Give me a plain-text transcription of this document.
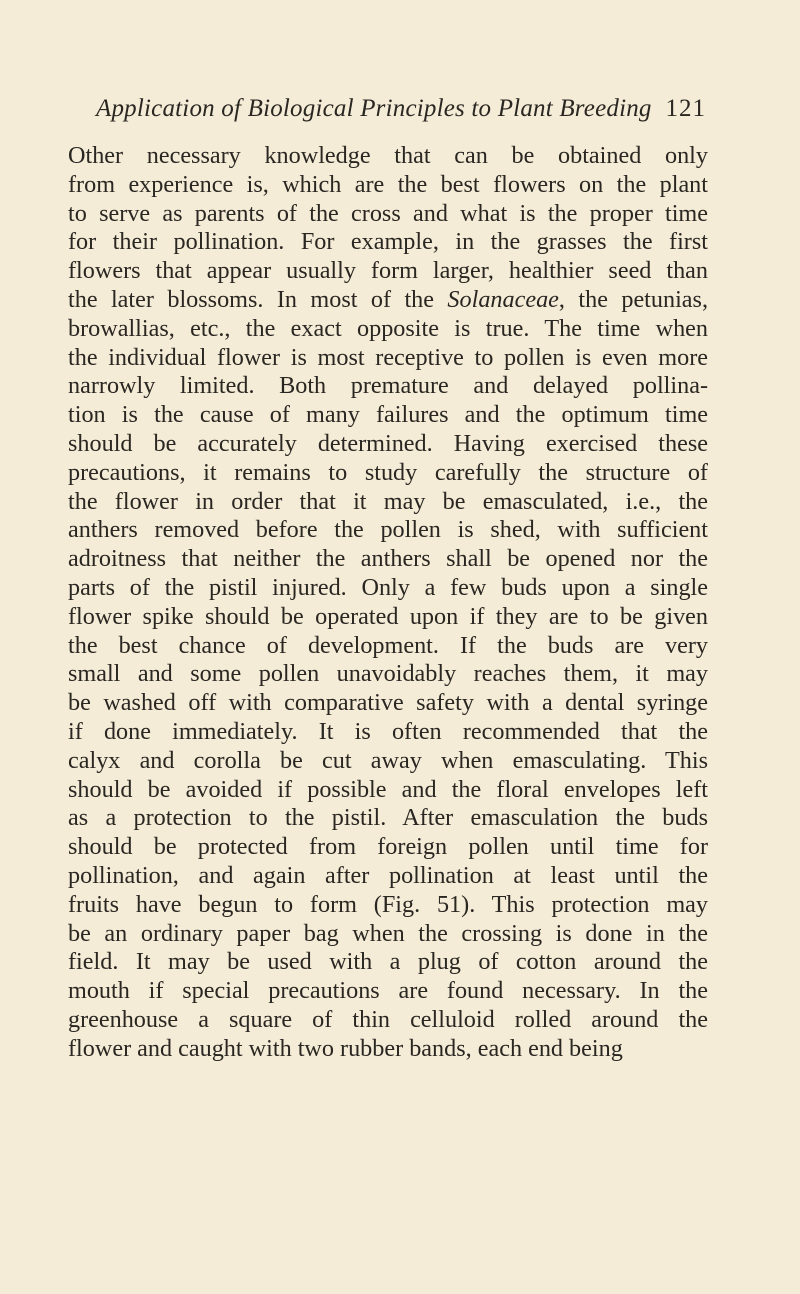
Application of Biological Principles to Plant Breeding 121
Other necessary knowledge that can be obtained only
from experience is, which are the best flowers on the plant
to serve as parents of the cross and what is the proper time
for their pollination. For example, in the grasses the first
flowers that appear usually form larger, healthier seed than
the later blossoms. In most of the Solanaceae, the petunias,
browallias, etc., the exact opposite is true. The time when
the individual flower is most receptive to pollen is even more
narrowly limited. Both premature and delayed pollina-
tion is the cause of many failures and the optimum time
should be accurately determined. Having exercised these
precautions, it remains to study carefully the structure of
the flower in order that it may be emasculated, i.e., the
anthers removed before the pollen is shed, with sufficient
adroitness that neither the anthers shall be opened nor the
parts of the pistil injured. Only a few buds upon a single
flower spike should be operated upon if they are to be given
the best chance of development. If the buds are very
small and some pollen unavoidably reaches them, it may
be washed off with comparative safety with a dental syringe
if done immediately. It is often recommended that the
calyx and corolla be cut away when emasculating. This
should be avoided if possible and the floral envelopes left
as a protection to the pistil. After emasculation the buds
should be protected from foreign pollen until time for
pollination, and again after pollination at least until the
fruits have begun to form (Fig. 51). This protection may
be an ordinary paper bag when the crossing is done in the
field. It may be used with a plug of cotton around the
mouth if special precautions are found necessary. In the
greenhouse a square of thin celluloid rolled around the
flower and caught with two rubber bands, each end being
